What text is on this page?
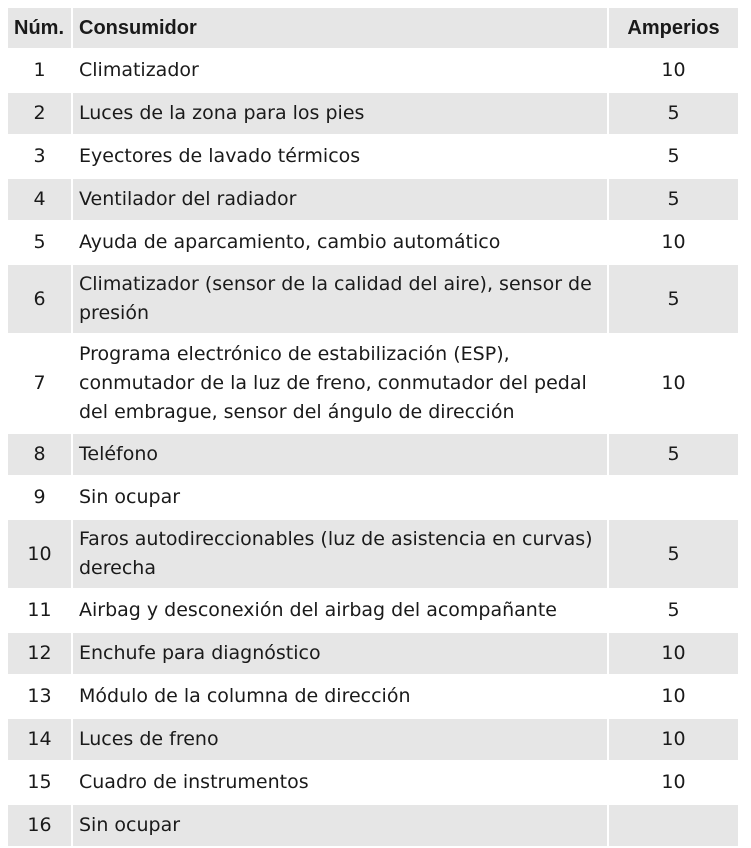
Núm.	Consumidor	Amperios
1	Climatizador	10
2	Luces de la zona para los pies	5
3	Eyectores de lavado térmicos	5
4	Ventilador del radiador	5
5	Ayuda de aparcamiento, cambio automático	10
6	Climatizador (sensor de la calidad del aire), sensor de presión	5
7	Programa electrónico de estabilización (ESP), conmutador de la luz de freno, conmutador del pedal del embrague, sensor del ángulo de dirección	10
8	Teléfono	5
9	Sin ocupar	
10	Faros autodireccionables (luz de asistencia en curvas) derecha	5
11	Airbag y desconexión del airbag del acompañante	5
12	Enchufe para diagnóstico	10
13	Módulo de la columna de dirección	10
14	Luces de freno	10
15	Cuadro de instrumentos	10
16	Sin ocupar	
